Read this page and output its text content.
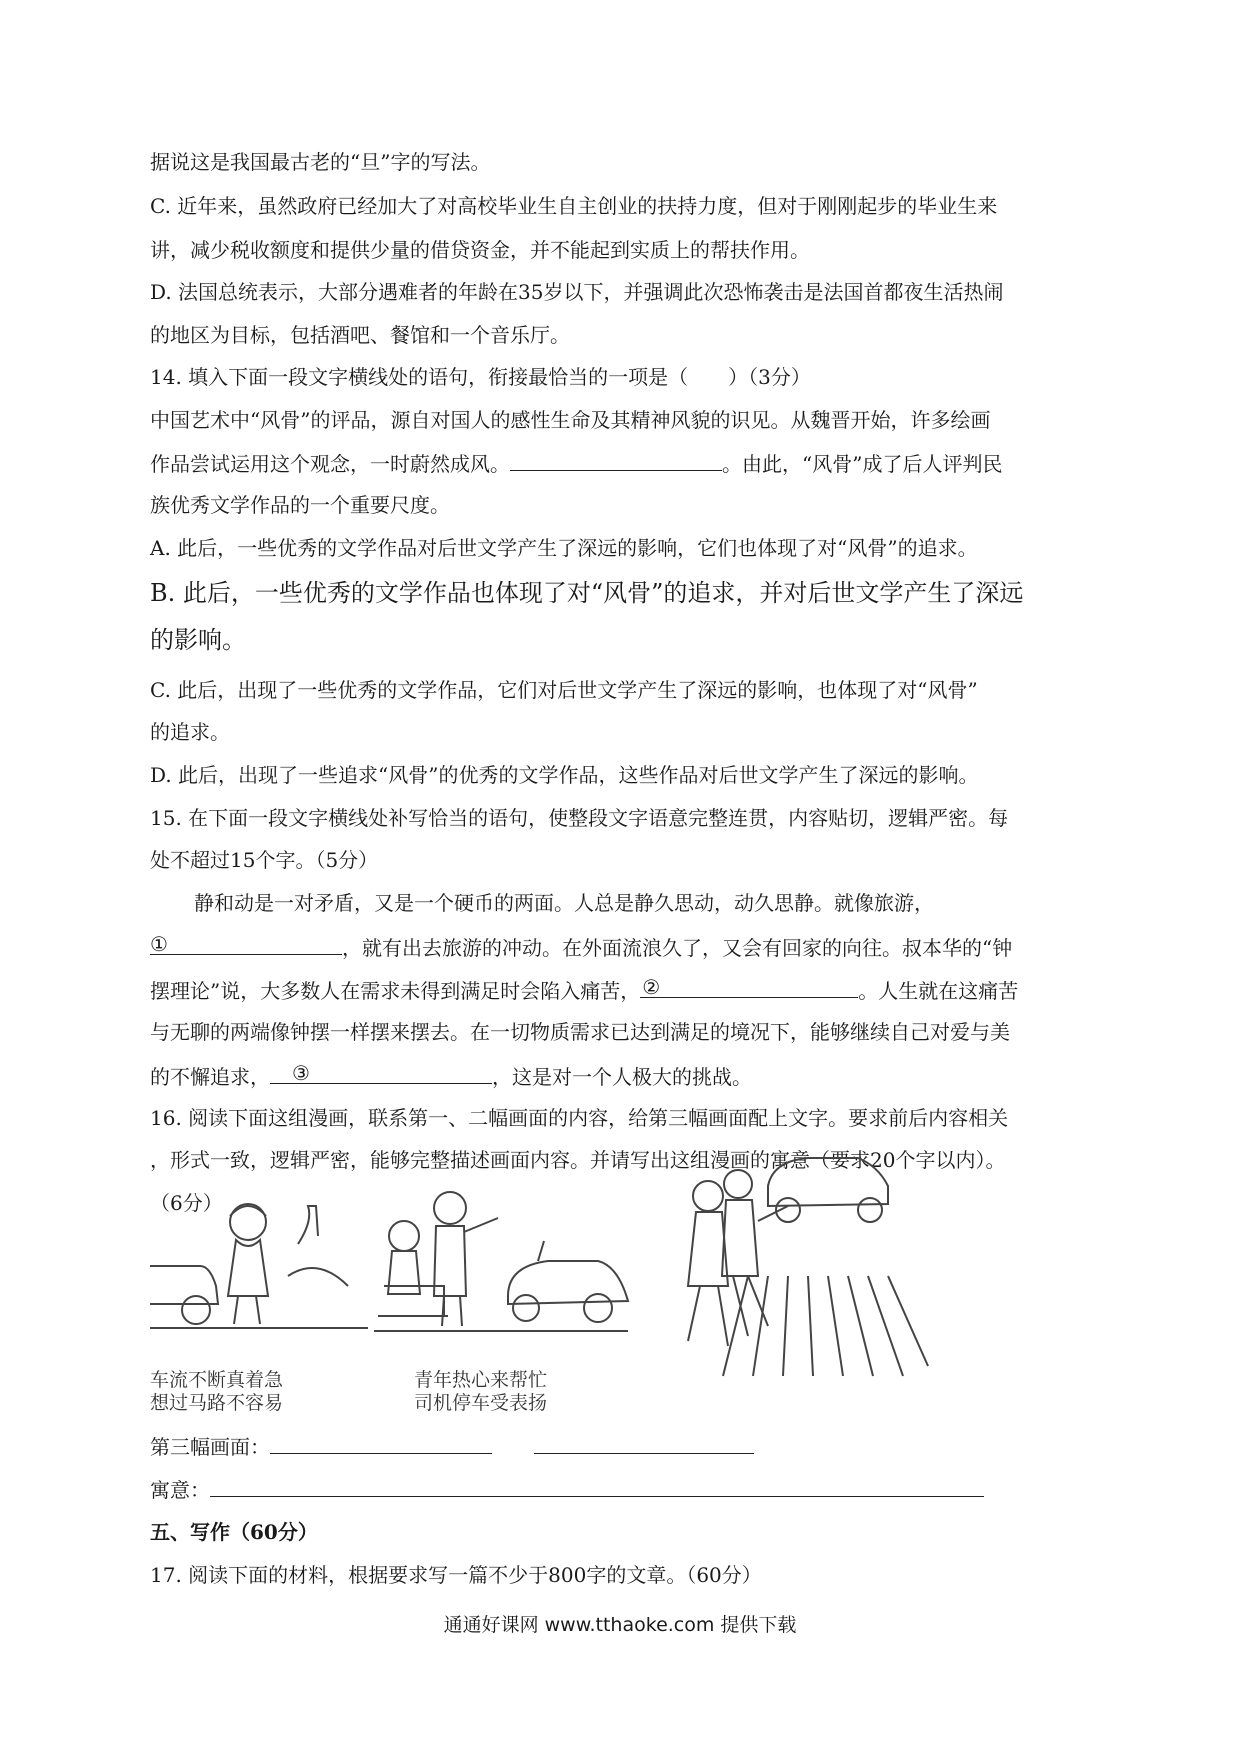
据说这是我国最古老的“旦”字的写法。
C. 近年来，虽然政府已经加大了对高校毕业生自主创业的扶持力度，但对于刚刚起步的毕业生来
讲，减少税收额度和提供少量的借贷资金，并不能起到实质上的帮扶作用。
D. 法国总统表示，大部分遇难者的年龄在35岁以下，并强调此次恐怖袭击是法国首都夜生活热闹
的地区为目标，包括酒吧、餐馆和一个音乐厅。
14. 填入下面一段文字横线处的语句，衔接最恰当的一项是（　　）（3分）
中国艺术中“风骨”的评品，源自对国人的感性生命及其精神风貌的识见。从魏晋开始，许多绘画
作品尝试运用这个观念，一时蔚然成风。	。由此，“风骨”成了后人评判民
族优秀文学作品的一个重要尺度。
A. 此后，一些优秀的文学作品对后世文学产生了深远的影响，它们也体现了对“风骨”的追求。
B. 此后，一些优秀的文学作品也体现了对“风骨”的追求，并对后世文学产生了深远
的影响。
C. 此后，出现了一些优秀的文学作品，它们对后世文学产生了深远的影响，也体现了对“风骨”
的追求。
D. 此后，出现了一些追求“风骨”的优秀的文学作品，这些作品对后世文学产生了深远的影响。
15. 在下面一段文字横线处补写恰当的语句，使整段文字语意完整连贯，内容贴切，逻辑严密。每
处不超过15个字。（5分）
静和动是一对矛盾，又是一个硬币的两面。人总是静久思动，动久思静。就像旅游，
①	，就有出去旅游的冲动。在外面流浪久了，又会有回家的向往。叔本华的“钟
摆理论”说，大多数人在需求未得到满足时会陷入痛苦， ②	。人生就在这痛苦
与无聊的两端像钟摆一样摆来摆去。在一切物质需求已达到满足的境况下，能够继续自己对爱与美
的不懈追求， ③	，这是对一个人极大的挑战。
16. 阅读下面这组漫画，联系第一、二幅画面的内容，给第三幅画面配上文字。要求前后内容相关
，形式一致，逻辑严密，能够完整描述画面内容。并请写出这组漫画的寓意（要求20个字以内）。
（6分）
车流不断真着急
想过马路不容易
青年热心来帮忙
司机停车受表扬
第三幅画面：
寓意：
五、写作（60分）
17. 阅读下面的材料，根据要求写一篇不少于800字的文章。（60分）
通通好课网 www.tthaoke.com 提供下载
